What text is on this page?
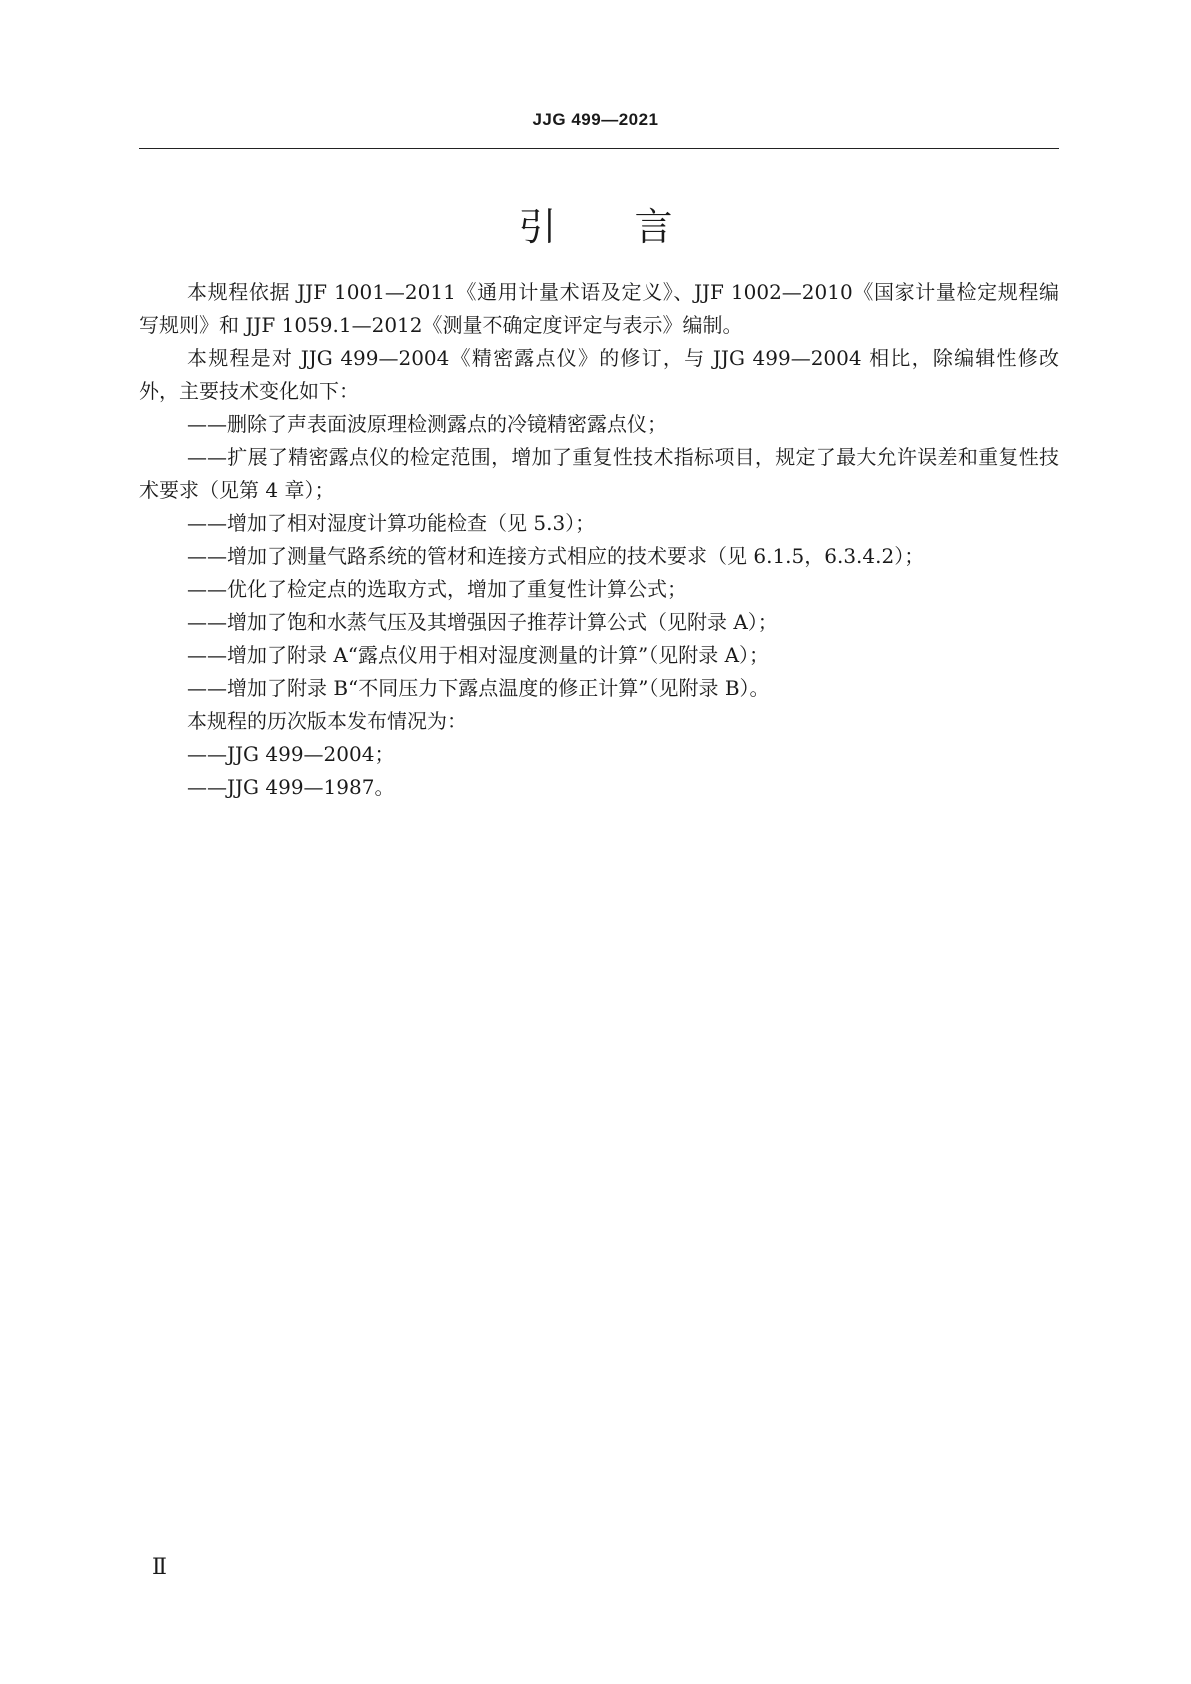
JJG 499—2021
引言

本规程依据 JJF 1001—2011《通用计量术语及定义》、JJF 1002—2010《国家计量检定规程编写规则》和 JJF 1059.1—2012《测量不确定度评定与表示》编制。

本规程是对 JJG 499—2004《精密露点仪》的修订，与 JJG 499—2004 相比，除编辑性修改外，主要技术变化如下：

——删除了声表面波原理检测露点的冷镜精密露点仪；

——扩展了精密露点仪的检定范围，增加了重复性技术指标项目，规定了最大允许误差和重复性技术要求（见第 4 章）；

——增加了相对湿度计算功能检查（见 5.3）；

——增加了测量气路系统的管材和连接方式相应的技术要求（见 6.1.5，6.3.4.2）；

——优化了检定点的选取方式，增加了重复性计算公式；

——增加了饱和水蒸气压及其增强因子推荐计算公式（见附录 A）；

——增加了附录 A“露点仪用于相对湿度测量的计算”（见附录 A）；

——增加了附录 B“不同压力下露点温度的修正计算”（见附录 B）。

本规程的历次版本发布情况为：

——JJG 499—2004；

——JJG 499—1987。

Ⅱ
